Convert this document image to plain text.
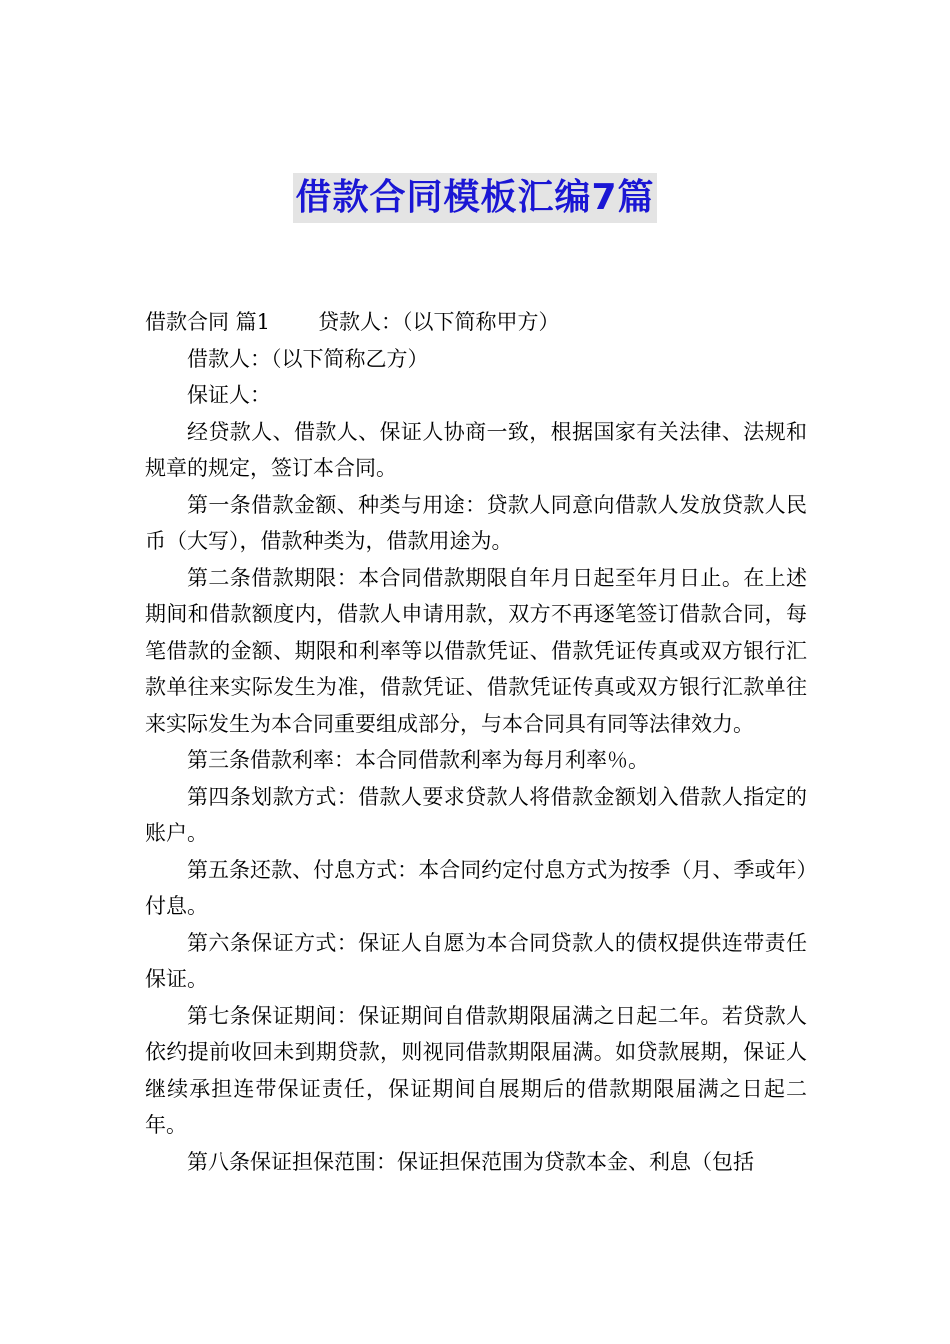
借款合同模板汇编7篇

借款合同 篇1 贷款人：（以下简称甲方）

借款人：（以下简称乙方）

保证人：

经贷款人、借款人、保证人协商一致，根据国家有关法律、法规和规章的规定，签订本合同。

第一条借款金额、种类与用途：贷款人同意向借款人发放贷款人民币（大写），借款种类为，借款用途为。

第二条借款期限：本合同借款期限自年月日起至年月日止。在上述期间和借款额度内，借款人申请用款，双方不再逐笔签订借款合同，每笔借款的金额、期限和利率等以借款凭证、借款凭证传真或双方银行汇款单往来实际发生为准，借款凭证、借款凭证传真或双方银行汇款单往来实际发生为本合同重要组成部分，与本合同具有同等法律效力。

第三条借款利率：本合同借款利率为每月利率％。

第四条划款方式：借款人要求贷款人将借款金额划入借款人指定的账户。

第五条还款、付息方式：本合同约定付息方式为按季（月、季或年）付息。

第六条保证方式：保证人自愿为本合同贷款人的债权提供连带责任保证。

第七条保证期间：保证期间自借款期限届满之日起二年。若贷款人依约提前收回未到期贷款，则视同借款期限届满。如贷款展期，保证人继续承担连带保证责任，保证期间自展期后的借款期限届满之日起二年。

第八条保证担保范围：保证担保范围为贷款本金、利息（包括
